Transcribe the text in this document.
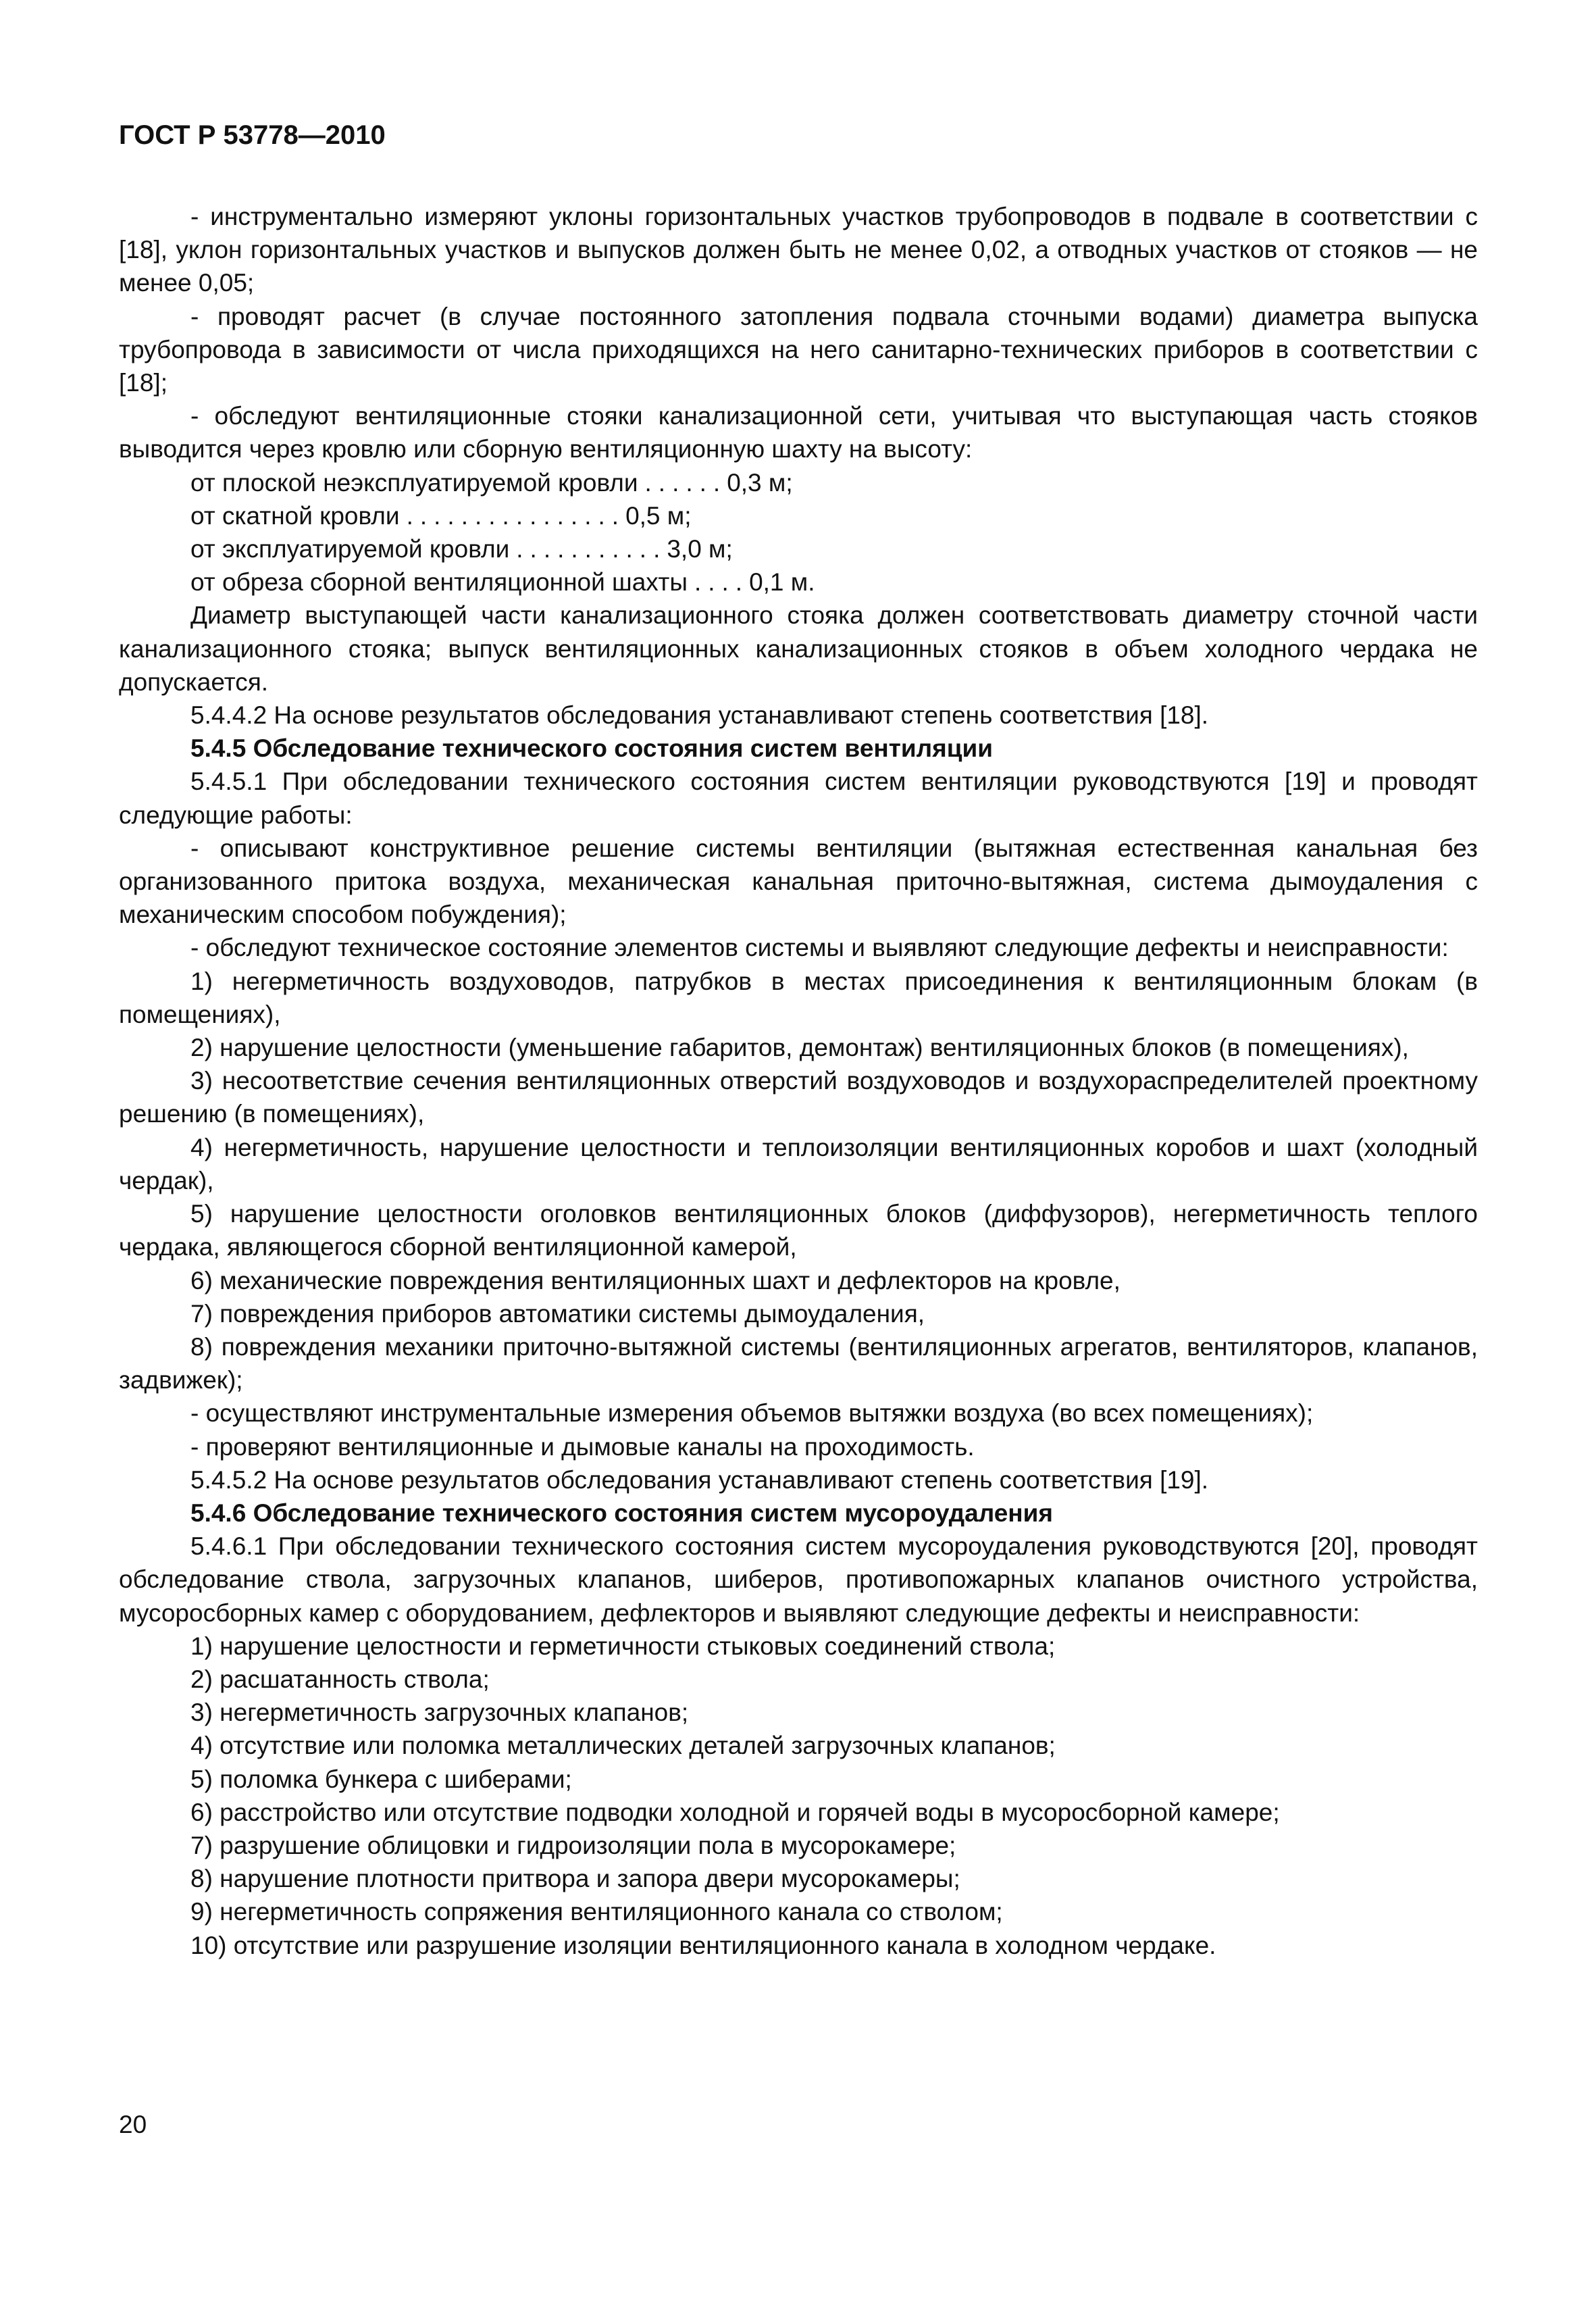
ГОСТ Р 53778—2010

- инструментально измеряют уклоны горизонтальных участков трубопроводов в подвале в соответствии с [18], уклон горизонтальных участков и выпусков должен быть не менее 0,02, а отводных участков от стояков — не менее 0,05;

- проводят расчет (в случае постоянного затопления подвала сточными водами) диаметра выпуска трубопровода в зависимости от числа приходящихся на него санитарно-технических приборов в соответствии с [18];

- обследуют вентиляционные стояки канализационной сети, учитывая что выступающая часть стояков выводится через кровлю или сборную вентиляционную шахту на высоту:

от плоской неэксплуатируемой кровли ...... 0,3 м;
от скатной кровли ................ 0,5 м;
от эксплуатируемой кровли ........... 3,0 м;
от обреза сборной вентиляционной шахты .... 0,1 м.

Диаметр выступающей части канализационного стояка должен соответствовать диаметру сточной части канализационного стояка; выпуск вентиляционных канализационных стояков в объем холодного чердака не допускается.

5.4.4.2 На основе результатов обследования устанавливают степень соответствия [18].

5.4.5 Обследование технического состояния систем вентиляции

5.4.5.1 При обследовании технического состояния систем вентиляции руководствуются [19] и проводят следующие работы:

- описывают конструктивное решение системы вентиляции (вытяжная естественная канальная без организованного притока воздуха, механическая канальная приточно-вытяжная, система дымоудаления с механическим способом побуждения);

- обследуют техническое состояние элементов системы и выявляют следующие дефекты и неисправности:

1) негерметичность воздуховодов, патрубков в местах присоединения к вентиляционным блокам (в помещениях),

2) нарушение целостности (уменьшение габаритов, демонтаж) вентиляционных блоков (в помещениях),

3) несоответствие сечения вентиляционных отверстий воздуховодов и воздухораспределителей проектному решению (в помещениях),

4) негерметичность, нарушение целостности и теплоизоляции вентиляционных коробов и шахт (холодный чердак),

5) нарушение целостности оголовков вентиляционных блоков (диффузоров), негерметичность теплого чердака, являющегося сборной вентиляционной камерой,

6) механические повреждения вентиляционных шахт и дефлекторов на кровле,

7) повреждения приборов автоматики системы дымоудаления,

8) повреждения механики приточно-вытяжной системы (вентиляционных агрегатов, вентиляторов, клапанов, задвижек);

- осуществляют инструментальные измерения объемов вытяжки воздуха (во всех помещениях);

- проверяют вентиляционные и дымовые каналы на проходимость.

5.4.5.2 На основе результатов обследования устанавливают степень соответствия [19].

5.4.6 Обследование технического состояния систем мусороудаления

5.4.6.1 При обследовании технического состояния систем мусороудаления руководствуются [20], проводят обследование ствола, загрузочных клапанов, шиберов, противопожарных клапанов очистного устройства, мусоросборных камер с оборудованием, дефлекторов и выявляют следующие дефекты и неисправности:

1) нарушение целостности и герметичности стыковых соединений ствола;

2) расшатанность ствола;

3) негерметичность загрузочных клапанов;

4) отсутствие или поломка металлических деталей загрузочных клапанов;

5) поломка бункера с шиберами;

6) расстройство или отсутствие подводки холодной и горячей воды в мусоросборной камере;

7) разрушение облицовки и гидроизоляции пола в мусорокамере;

8) нарушение плотности притвора и запора двери мусорокамеры;

9) негерметичность сопряжения вентиляционного канала со стволом;

10) отсутствие или разрушение изоляции вентиляционного канала в холодном чердаке.

20
